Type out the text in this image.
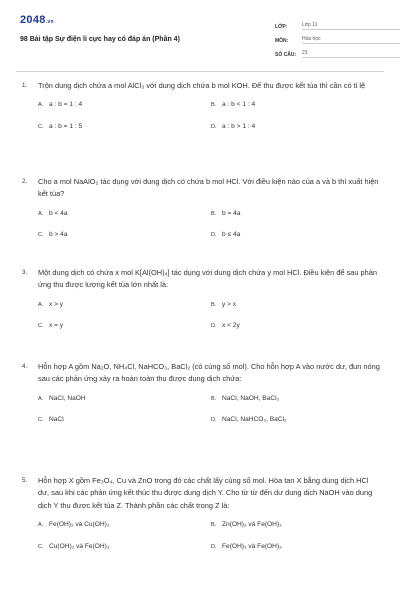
2048.vn
98 Bài tập Sự điện li cực hay có đáp án (Phần 4)
LỚP:	Lớp 11
MÔN:	Hóa học
SỐ CÂU:	23
1.	Trộn dung dịch chứa a mol AlCl₃ với dung dịch chứa b mol KOH. Để thu được kết tủa thì cần có tỉ lệ
A. a : b = 1 : 4	B. a : b < 1 : 4
C. a : b = 1 : 5	D. a : b > 1 : 4
2.	Cho a mol NaAlO₂ tác dụng với dung dịch có chứa b mol HCl. Với điều kiện nào của a và b thì xuất hiện kết tủa?
A. b < 4a	B. b = 4a
C. b > 4a	D. b ≤ 4a
3.	Một dung dịch có chứa x mol K[Al(OH)₄] tác dụng với dung dịch chứa y mol HCl. Điều kiện để sau phản ứng thu được lượng kết tủa lớn nhất là:
A. x > y	B. y > x
C. x = y	D. x < 2y
4.	Hỗn hợp A gồm Na₂O, NH₄Cl, NaHCO₃, BaCl₂ (có cùng số mol). Cho hỗn hợp A vào nước dư, đun nóng sau các phản ứng xảy ra hoàn toàn thu được dung dịch chứa:
A. NaCl, NaOH	B. NaCl, NaOH, BaCl₂
C. NaCl	D. NaCl, NaHCO₃, BaCl₂
5.	Hỗn hợp X gồm Fe₃O₄, Cu và ZnO trong đó các chất lấy cùng số mol. Hòa tan X bằng dung dịch HCl dư, sau khi các phản ứng kết thúc thu được dung dịch Y. Cho từ từ đến dư dung dịch NaOH vào dung dịch Y thu được kết tủa Z. Thành phần các chất trong Z là:
A. Fe(OH)₂ và Cu(OH)₂	B. Zn(OH)₂ và Fe(OH)₂
C. Cu(OH)₂ và Fe(OH)₃	D. Fe(OH)₂ và Fe(OH)₃
